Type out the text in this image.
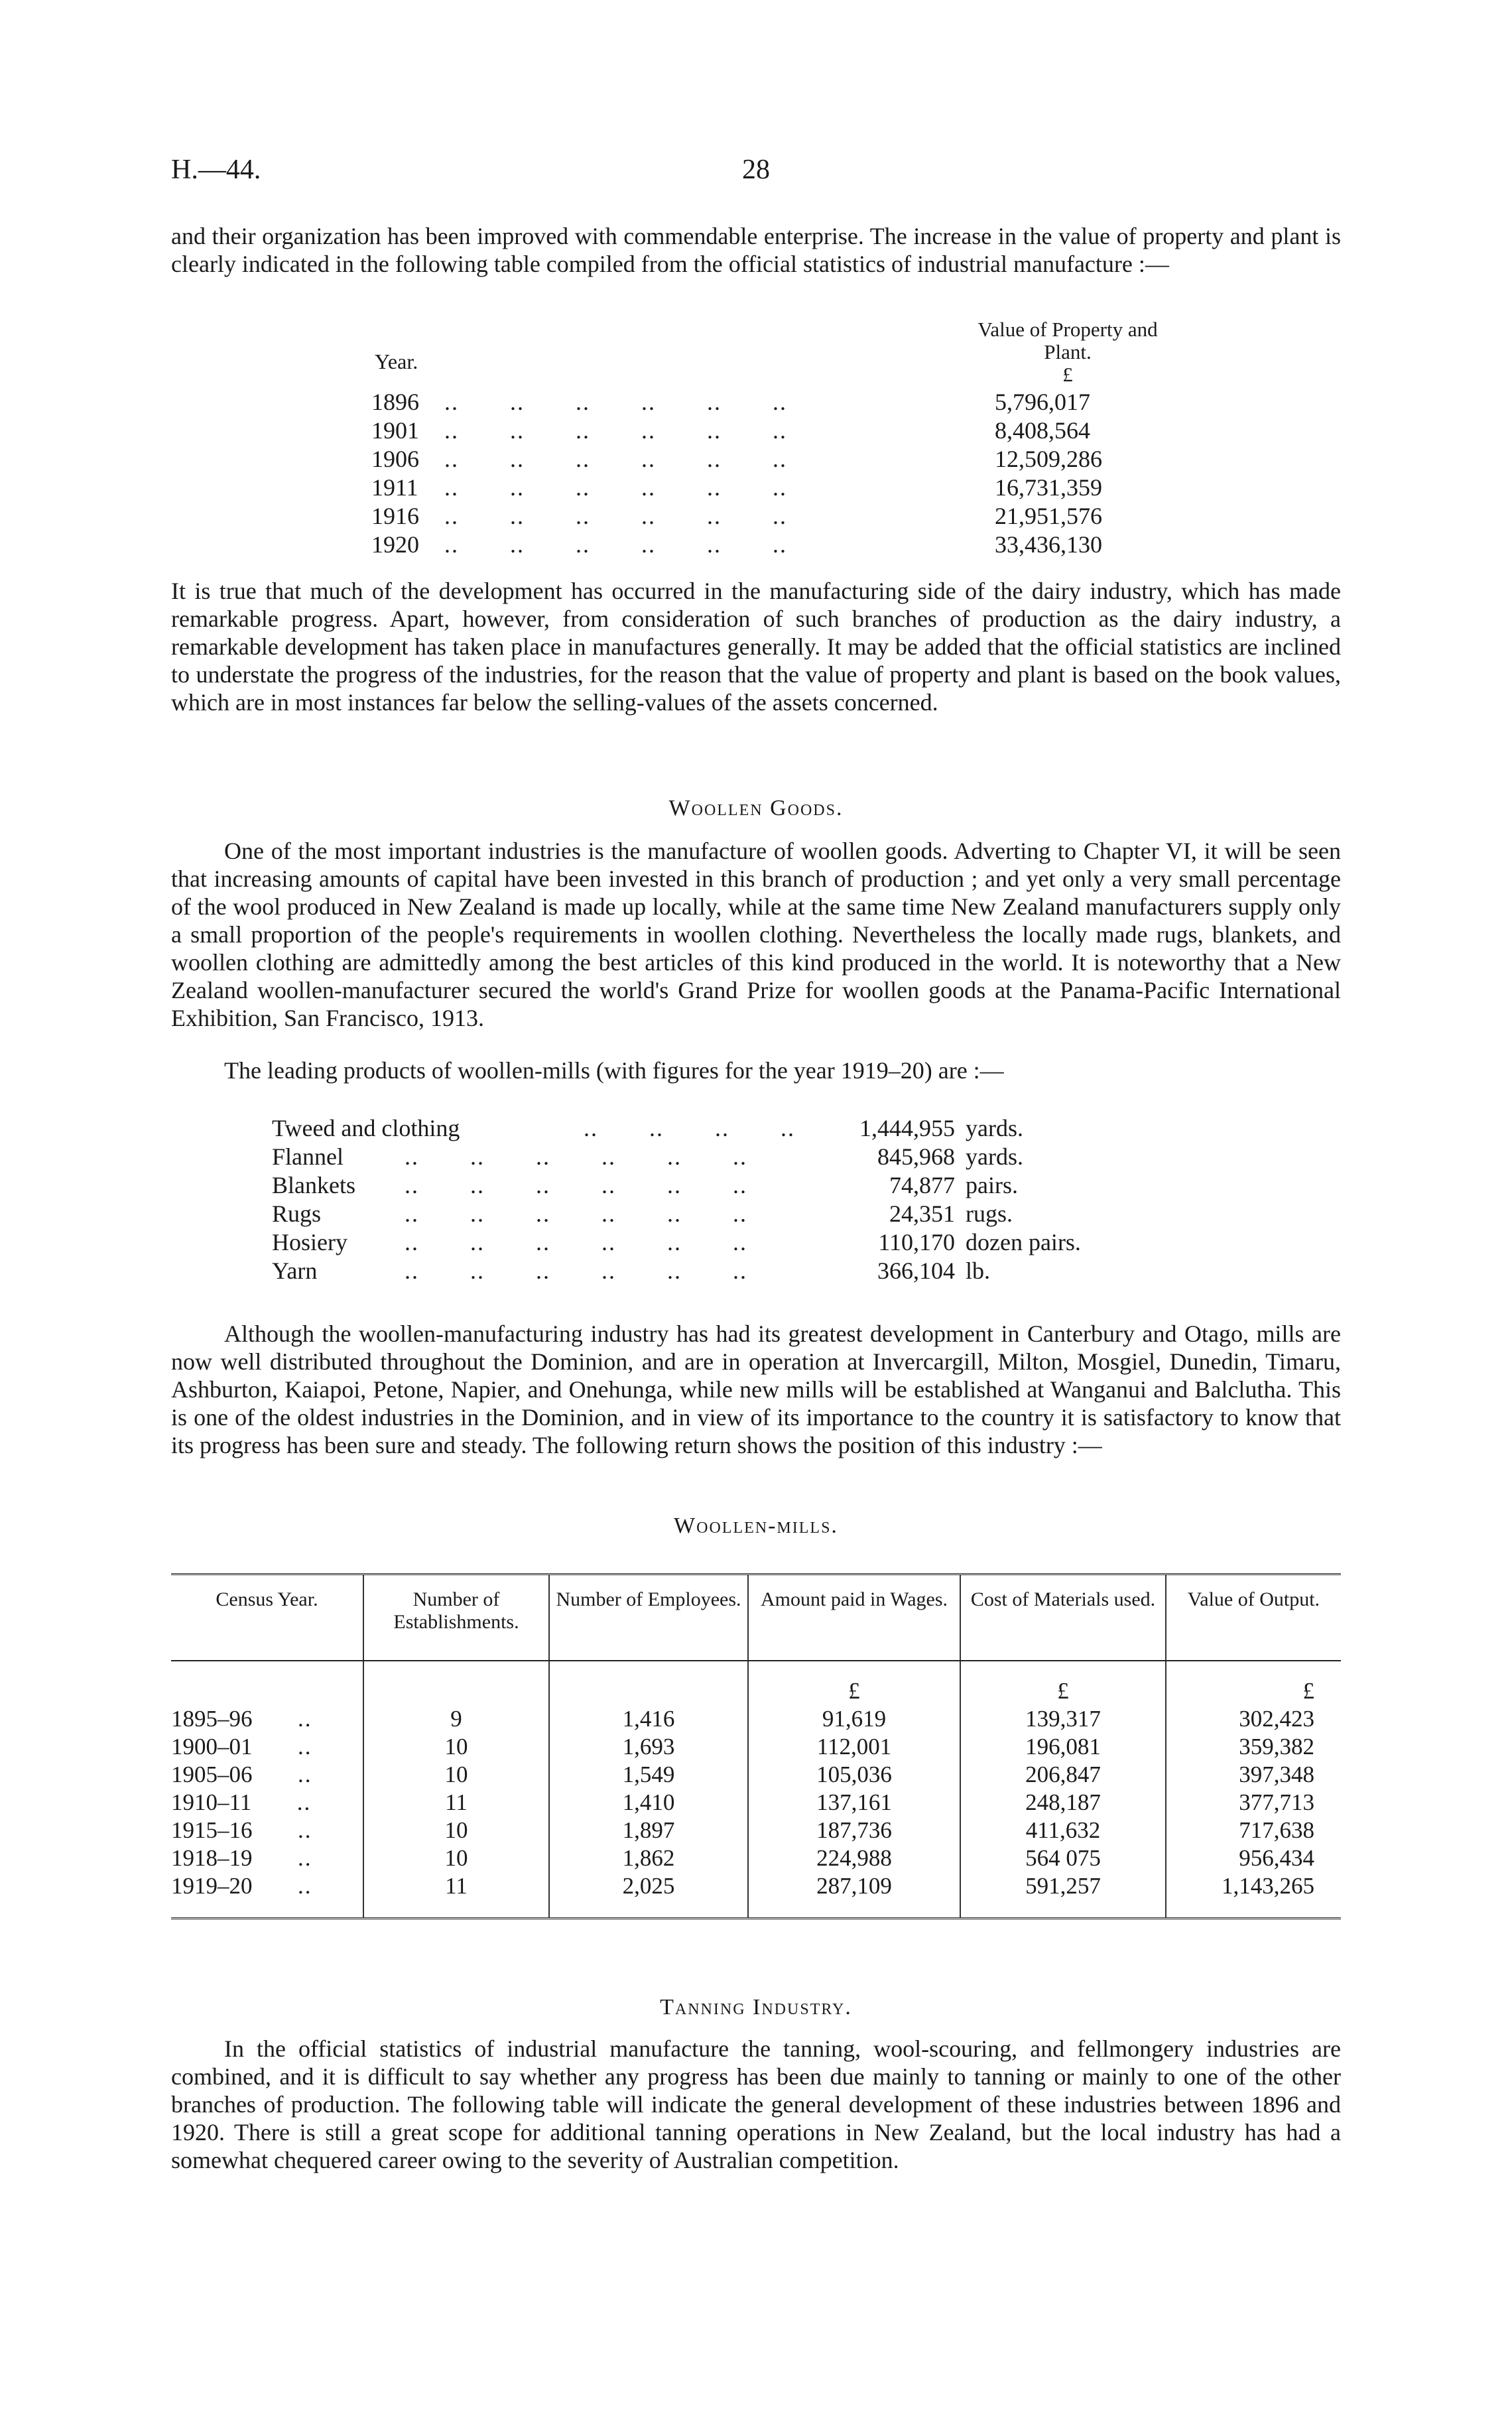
H.—44.	28

and their organization has been improved with commendable enterprise. The increase in the value of property and plant is clearly indicated in the following table compiled from the official statistics of industrial manufacture :—

Value of Property and Plant.
£
Year.
1896	..       ..       ..       ..       ..       ..	5,796,017
1901	..       ..       ..       ..       ..       ..	8,408,564
1906	..       ..       ..       ..       ..       ..	12,509,286
1911	..       ..       ..       ..       ..       ..	16,731,359
1916	..       ..       ..       ..       ..       ..	21,951,576
1920	..       ..       ..       ..       ..       ..	33,436,130

It is true that much of the development has occurred in the manufacturing side of the dairy industry, which has made remarkable progress. Apart, however, from consideration of such branches of production as the dairy industry, a remarkable development has taken place in manufactures generally. It may be added that the official statistics are inclined to understate the progress of the industries, for the reason that the value of property and plant is based on the book values, which are in most instances far below the selling-values of the assets concerned.

Woollen Goods.

One of the most important industries is the manufacture of woollen goods. Adverting to Chapter VI, it will be seen that increasing amounts of capital have been invested in this branch of production ; and yet only a very small percentage of the wool produced in New Zealand is made up locally, while at the same time New Zealand manufacturers supply only a small proportion of the people's requirements in woollen clothing. Nevertheless the locally made rugs, blankets, and woollen clothing are admittedly among the best articles of this kind produced in the world. It is noteworthy that a New Zealand woollen-manufacturer secured the world's Grand Prize for woollen goods at the Panama-Pacific International Exhibition, San Francisco, 1913.

The leading products of woollen-mills (with figures for the year 1919–20) are :—

Tweed and clothing	..       ..       ..       ..	1,444,955 yards.
Flannel	..       ..       ..       ..       ..       ..	845,968 yards.
Blankets	..       ..       ..       ..       ..       ..	74,877 pairs.
Rugs	..       ..       ..       ..       ..       ..	24,351 rugs.
Hosiery	..       ..       ..       ..       ..       ..	110,170 dozen pairs.
Yarn	..       ..       ..       ..       ..       ..	366,104 lb.

Although the woollen-manufacturing industry has had its greatest development in Canterbury and Otago, mills are now well distributed throughout the Dominion, and are in operation at Invercargill, Milton, Mosgiel, Dunedin, Timaru, Ashburton, Kaiapoi, Petone, Napier, and Onehunga, while new mills will be established at Wanganui and Balclutha. This is one of the oldest industries in the Dominion, and in view of its importance to the country it is satisfactory to know that its progress has been sure and steady. The following return shows the position of this industry :—

Woollen-mills.

Census Year.	Number of Establishments.	Number of Employees.	Amount paid in Wages.	Cost of Materials used.	Value of Output.
			£	£	£
1895–96 ..	9	1,416	91,619	139,317	302,423
1900–01 ..	10	1,693	112,001	196,081	359,382
1905–06 ..	10	1,549	105,036	206,847	397,348
1910–11 ..	11	1,410	137,161	248,187	377,713
1915–16 ..	10	1,897	187,736	411,632	717,638
1918–19 ..	10	1,862	224,988	564 075	956,434
1919–20 ..	11	2,025	287,109	591,257	1,143,265

Tanning Industry.

In the official statistics of industrial manufacture the tanning, wool-scouring, and fellmongery industries are combined, and it is difficult to say whether any progress has been due mainly to tanning or mainly to one of the other branches of production. The following table will indicate the general development of these industries between 1896 and 1920. There is still a great scope for additional tanning operations in New Zealand, but the local industry has had a somewhat chequered career owing to the severity of Australian competition.
